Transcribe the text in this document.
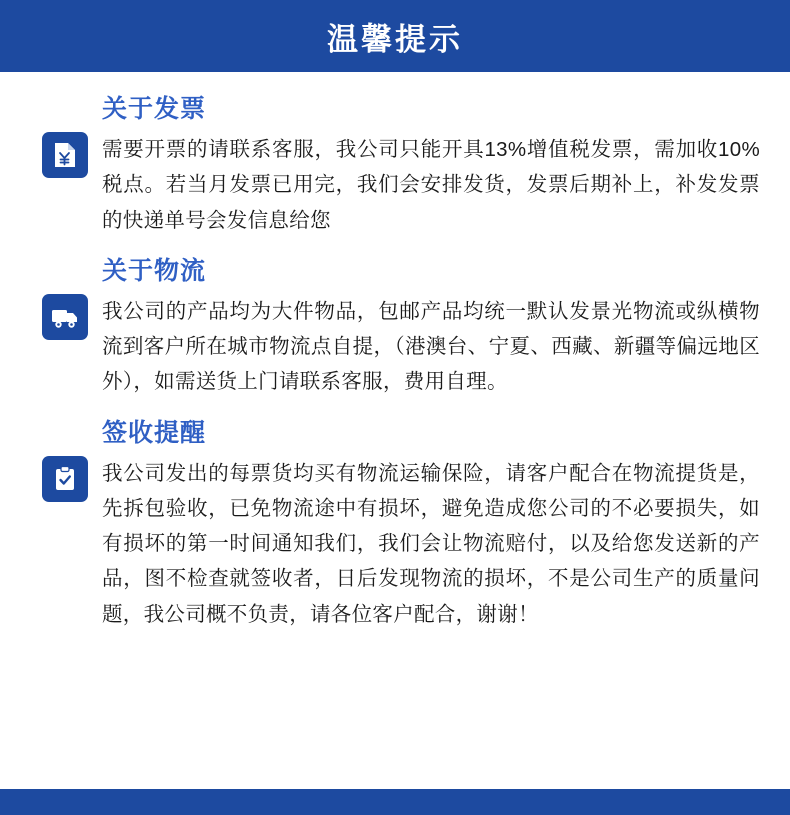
温馨提示
关于发票
需要开票的请联系客服，我公司只能开具13%增值税发票，需加收10%税点。若当月发票已用完，我们会安排发货，发票后期补上，补发发票的快递单号会发信息给您
关于物流
我公司的产品均为大件物品，包邮产品均统一默认发景光物流或纵横物流到客户所在城市物流点自提，（港澳台、宁夏、西藏、新疆等偏远地区外），如需送货上门请联系客服，费用自理。
签收提醒
我公司发出的每票货均买有物流运输保险，请客户配合在物流提货是，先拆包验收，已免物流途中有损坏，避免造成您公司的不必要损失，如有损坏的第一时间通知我们，我们会让物流赔付，以及给您发送新的产品，图不检查就签收者，日后发现物流的损坏，不是公司生产的质量问题，我公司概不负责，请各位客户配合，谢谢！
